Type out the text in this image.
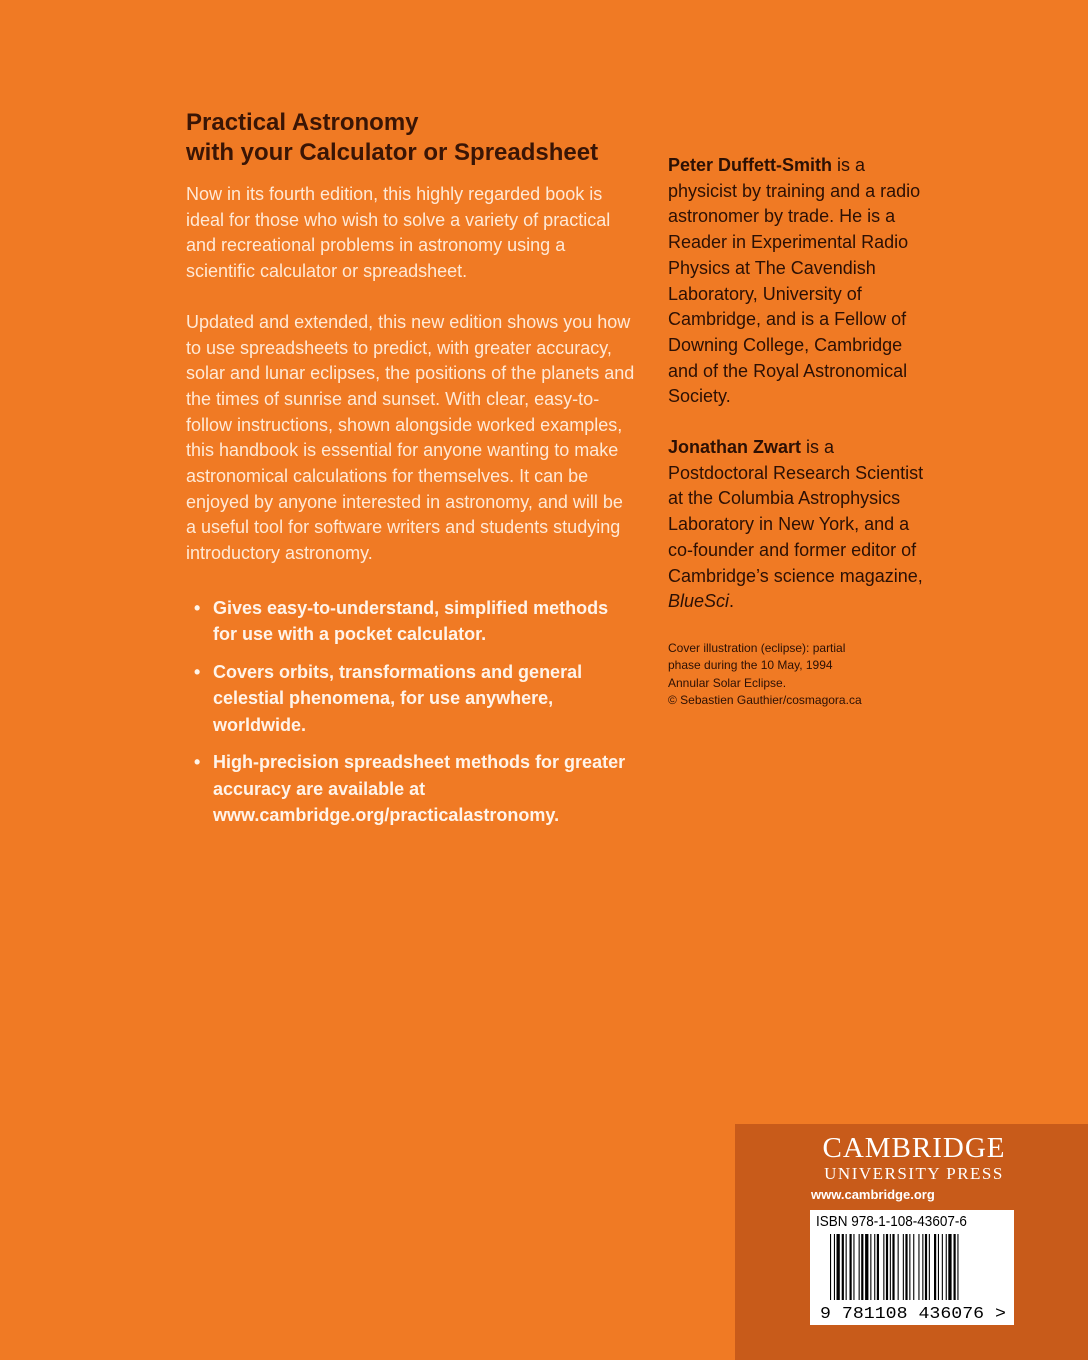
Practical Astronomy
with your Calculator or Spreadsheet

Now in its fourth edition, this highly regarded book is ideal for those who wish to solve a variety of practical and recreational problems in astronomy using a scientific calculator or spreadsheet.

Updated and extended, this new edition shows you how to use spreadsheets to predict, with greater accuracy, solar and lunar eclipses, the positions of the planets and the times of sunrise and sunset. With clear, easy-to-follow instructions, shown alongside worked examples, this handbook is essential for anyone wanting to make astronomical calculations for themselves. It can be enjoyed by anyone interested in astronomy, and will be a useful tool for software writers and students studying introductory astronomy.

• Gives easy-to-understand, simplified methods for use with a pocket calculator.
• Covers orbits, transformations and general celestial phenomena, for use anywhere, worldwide.
• High-precision spreadsheet methods for greater accuracy are available at www.cambridge.org/practicalastronomy.

Peter Duffett-Smith is a physicist by training and a radio astronomer by trade. He is a Reader in Experimental Radio Physics at The Cavendish Laboratory, University of Cambridge, and is a Fellow of Downing College, Cambridge and of the Royal Astronomical Society.

Jonathan Zwart is a Postdoctoral Research Scientist at the Columbia Astrophysics Laboratory in New York, and a co-founder and former editor of Cambridge’s science magazine, BlueSci.

Cover illustration (eclipse): partial
phase during the 10 May, 1994
Annular Solar Eclipse.
© Sebastien Gauthier/cosmagora.ca
CAMBRIDGE
UNIVERSITY PRESS
www.cambridge.org
9 781108 436076 >
ISBN 978-1-108-43607-6
